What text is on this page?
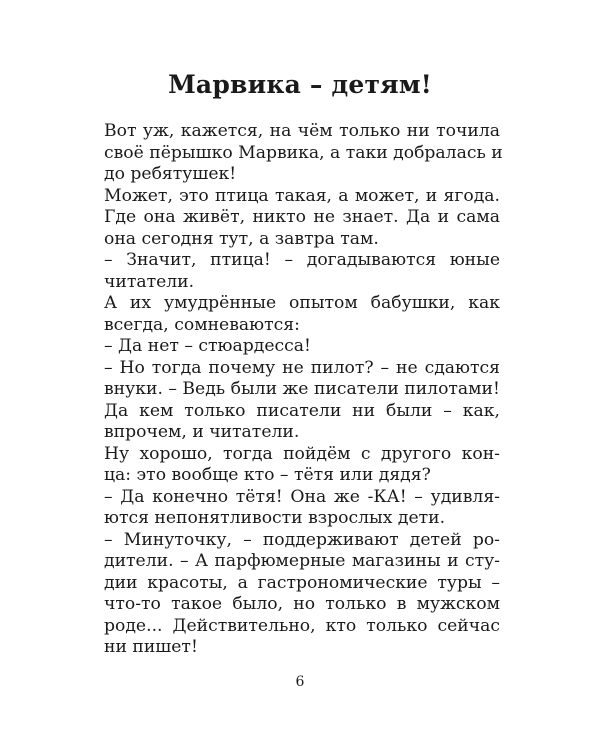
Марвика – детям!
Вот уж, кажется, на чём только ни точила
своё пёрышко Марвика, а таки добралась и
до ребятушек!
Может, это птица такая, а может, и ягода.
Где она живёт, никто не знает. Да и сама
она сегодня тут, а завтра там.
– Значит, птица! – догадываются юные
читатели.
А их умудрённые опытом бабушки, как
всегда, сомневаются:
– Да нет – стюардесса!
– Но тогда почему не пилот? – не сдаются
внуки. – Ведь были же писатели пилотами!
Да кем только писатели ни были – как,
впрочем, и читатели.
Ну хорошо, тогда пойдём с другого кон-
ца: это вообще кто – тётя или дядя?
– Да конечно тётя! Она же -КА! – удивля-
ются непонятливости взрослых дети.
– Минуточку, – поддерживают детей ро-
дители. – А парфюмерные магазины и сту-
дии красоты, а гастрономические туры –
что-то такое было, но только в мужском
роде... Действительно, кто только сейчас
ни пишет!
6
